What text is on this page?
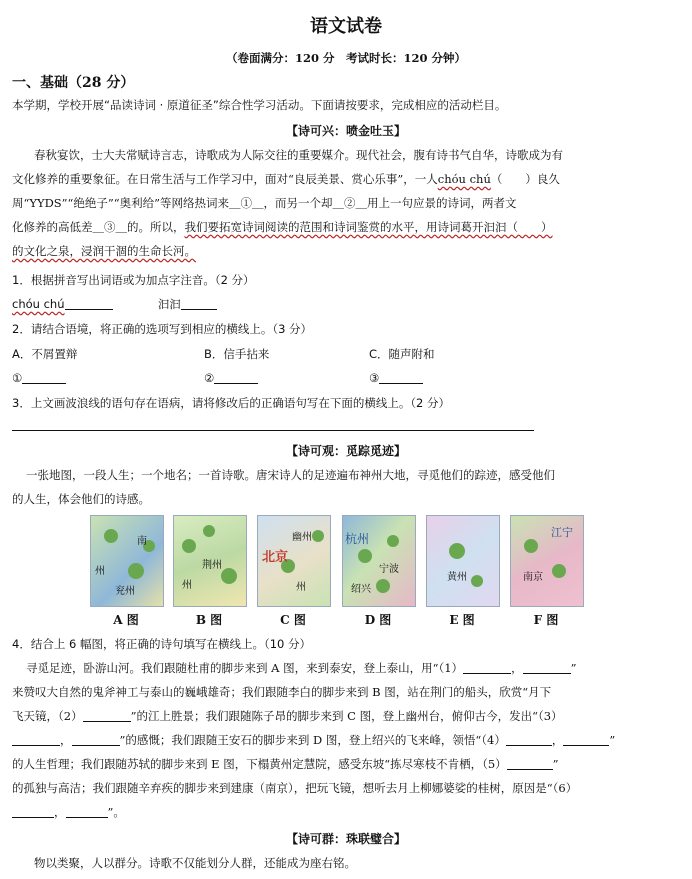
语文试卷
（卷面满分：120 分　考试时长：120 分钟）
一、基础（28 分）
本学期，学校开展“品读诗词 · 原道征圣”综合性学习活动。下面请按要求，完成相应的活动栏目。
【诗可兴：喷金吐玉】
春秋宴饮，士大夫常赋诗言志，诗歌成为人际交往的重要媒介。现代社会，腹有诗书气自华，诗歌成为有
文化修养的重要象征。在日常生活与工作学习中，面对“良辰美景、赏心乐事”，一人chóu chú（　　）良久
周“YYDS”“绝绝子”“奥利给”等网络热词来＿①＿，而另一个却＿②＿用上一句应景的诗词，两者文
化修养的高低差＿③＿的。所以，我们要拓宽诗词阅读的范围和诗词鉴赏的水平，用诗词葛开汩汩（　　）
的文化之泉，浸润干涸的生命长河。
1．根据拼音写出词语或为加点字注音。（2 分）
chóu chú	汩汩
2．请结合语境，将正确的选项写到相应的横线上。（3 分）
A．不屑置辩	B．信手拈来	C．随声附和
①	②	③
3．上文画波浪线的语句存在语病，请将修改后的正确语句写在下面的横线上。（2 分）
【诗可观：觅踪觅迹】
一张地图，一段人生；一个地名；一首诗歌。唐宋诗人的足迹遍布神州大地，寻觅他们的踪迹，感受他们
的人生，体会他们的诗感。
南
州
兖州
A 图
荆州
州
B 图
北京
幽州
州
C 图
杭州
宁波
绍兴
D 图
黄州
E 图
江宁
南京
F 图
4．结合上 6 幅图，将正确的诗句填写在横线上。（10 分）
寻觅足迹，卧游山河。我们跟随杜甫的脚步来到 A 图，来到泰安，登上泰山，用“（1）	，	”
来赞叹大自然的鬼斧神工与泰山的巍峨雄奇；我们跟随李白的脚步来到 B 图，站在荆门的船头，欣赏“月下
飞天镜，（2）	”的江上胜景；我们跟随陈子昂的脚步来到 C 图，登上幽州台，俯仰古今，发出“（3）
，	”的感慨；我们跟随王安石的脚步来到 D 图，登上绍兴的飞来峰，领悟“（4）	，	”
的人生哲理；我们跟随苏轼的脚步来到 E 图，下榻黄州定慧院，感受东坡“拣尽寒枝不肯栖，（5）	”
的孤独与高洁；我们跟随辛弃疾的脚步来到建康（南京），把玩飞镜，想听去月上柳娜婆娑的桂树，原因是“（6）
，	”。
【诗可群：珠联璧合】
物以类聚，人以群分。诗歌不仅能划分人群，还能成为座右铭。
